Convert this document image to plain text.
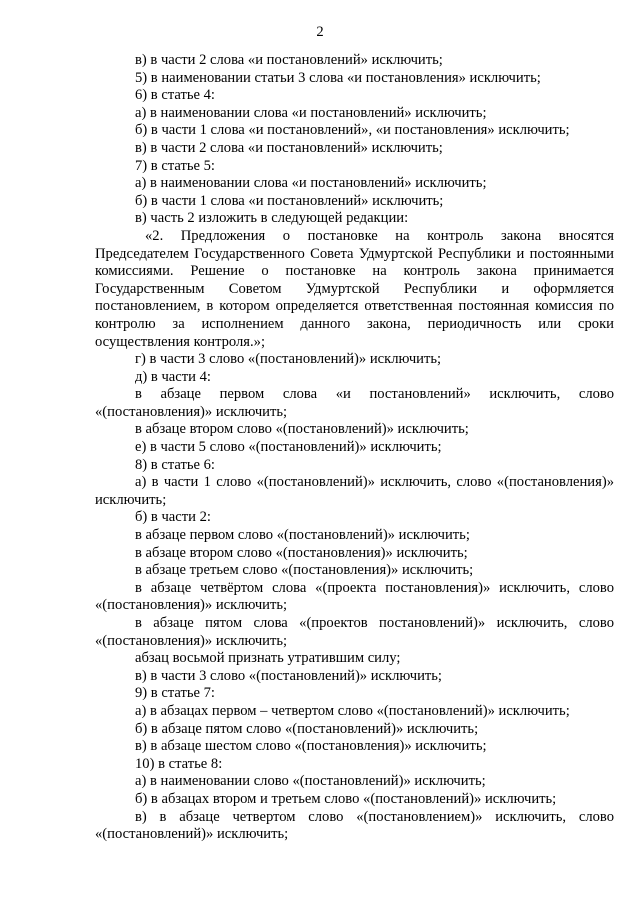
2

в) в части 2 слова «и постановлений» исключить;

5) в наименовании статьи 3 слова «и постановления» исключить;

6) в статье 4:

а) в наименовании слова «и постановлений» исключить;

б) в части 1 слова «и постановлений», «и постановления» исключить;

в) в части 2 слова «и постановлений» исключить;

7) в статье 5:

а) в наименовании слова «и постановлений» исключить;

б) в части 1 слова «и постановлений» исключить;

в) часть 2 изложить в следующей редакции:

«2. Предложения о постановке на контроль закона вносятся Председателем Государственного Совета Удмуртской Республики и постоянными комиссиями. Решение о постановке на контроль закона принимается Государственным Советом Удмуртской Республики и оформляется постановлением, в котором определяется ответственная постоянная комиссия по контролю за исполнением данного закона, периодичность или сроки осуществления контроля.»;

г) в части 3 слово «(постановлений)» исключить;

д) в части 4:

в абзаце первом слова «и постановлений» исключить, слово «(постановления)» исключить;

в абзаце втором слово «(постановлений)» исключить;

е) в части 5 слово «(постановлений)» исключить;

8) в статье 6:

а) в части 1 слово «(постановлений)» исключить, слово «(постановления)» исключить;

б) в части 2:

в абзаце первом слово «(постановлений)» исключить;

в абзаце втором слово «(постановления)» исключить;

в абзаце третьем слово «(постановления)» исключить;

в абзаце четвёртом слова «(проекта постановления)» исключить, слово «(постановления)» исключить;

в абзаце пятом слова «(проектов постановлений)» исключить, слово «(постановления)» исключить;

абзац восьмой признать утратившим силу;

в) в части 3 слово «(постановлений)» исключить;

9) в статье 7:

а) в абзацах первом – четвертом слово «(постановлений)» исключить;

б) в абзаце пятом слово «(постановлений)» исключить;

в) в абзаце шестом слово «(постановления)» исключить;

10) в статье 8:

а) в наименовании слово «(постановлений)» исключить;

б) в абзацах втором и третьем слово «(постановлений)» исключить;

в) в абзаце четвертом слово «(постановлением)» исключить, слово «(постановлений)» исключить;
